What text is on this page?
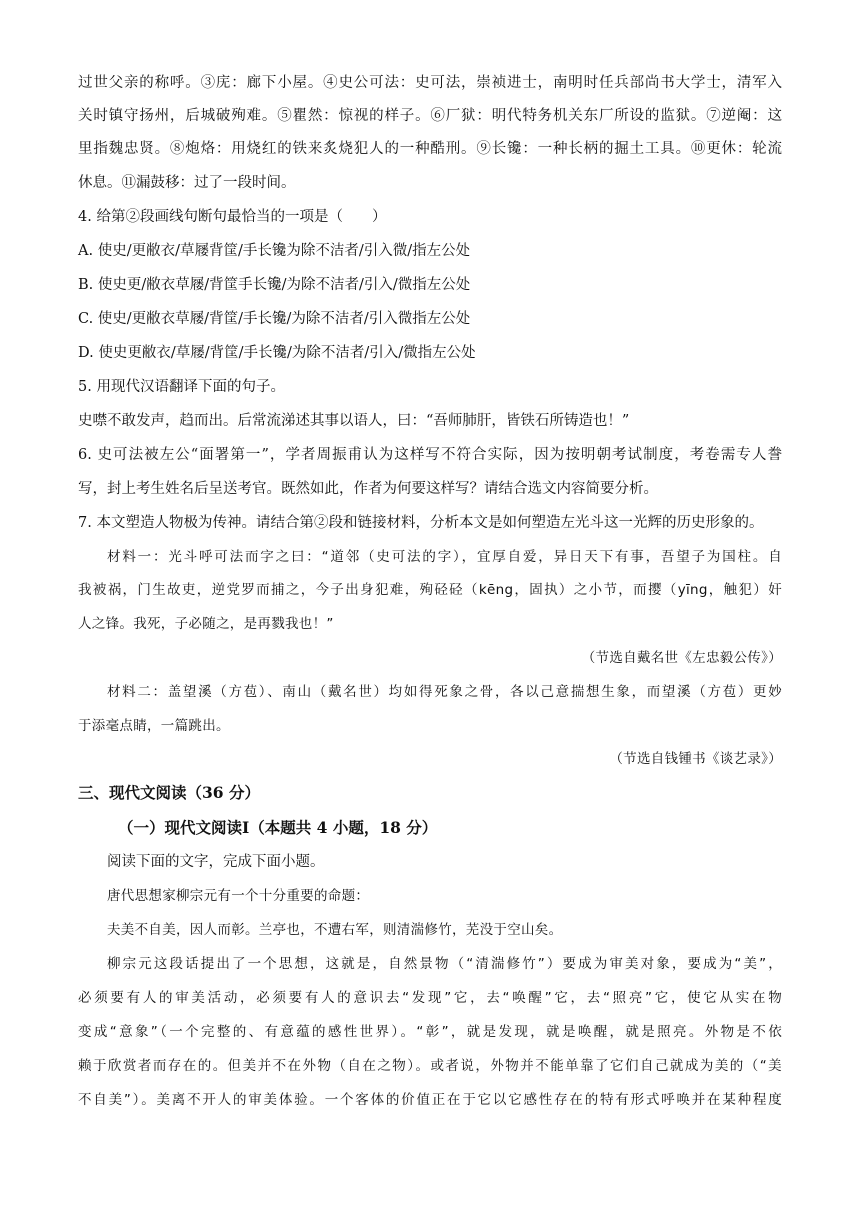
过世父亲的称呼。③庑：廊下小屋。④史公可法：史可法，崇祯进士，南明时任兵部尚书大学士，清军入
关时镇守扬州，后城破殉难。⑤瞿然：惊视的样子。⑥厂狱：明代特务机关东厂所设的监狱。⑦逆阉：这
里指魏忠贤。⑧炮烙：用烧红的铁来炙烧犯人的一种酷刑。⑨长镵：一种长柄的掘土工具。⑩更休：轮流
休息。⑪漏鼓移：过了一段时间。
4. 给第②段画线句断句最恰当的一项是（　　）
A. 使史/更敝衣/草屦背筐/手长镵为除不洁者/引入微/指左公处
B. 使史更/敝衣草屦/背筐手长镵/为除不洁者/引入/微指左公处
C. 使史/更敝衣草屦/背筐/手长镵/为除不洁者/引入微指左公处
D. 使史更敝衣/草屦/背筐/手长镵/为除不洁者/引入/微指左公处
5. 用现代汉语翻译下面的句子。
史噤不敢发声，趋而出。后常流涕述其事以语人，曰：“吾师肺肝，皆铁石所铸造也！”
6. 史可法被左公“面署第一”，学者周振甫认为这样写不符合实际，因为按明朝考试制度，考卷需专人誊
写，封上考生姓名后呈送考官。既然如此，作者为何要这样写？请结合选文内容简要分析。
7. 本文塑造人物极为传神。请结合第②段和链接材料，分析本文是如何塑造左光斗这一光辉的历史形象的。
材料一：光斗呼可法而字之曰：“道邻（史可法的字），宜厚自爱，异日天下有事，吾望子为国柱。自
我被祸，门生故吏，逆党罗而捕之，今子出身犯难，殉硁硁（kēng，固执）之小节，而撄（yīng，触犯）奸
人之锋。我死，子必随之，是再戮我也！”
（节选自戴名世《左忠毅公传》）
材料二：盖望溪（方苞）、南山（戴名世）均如得死象之骨，各以己意揣想生象，而望溪（方苞）更妙
于添毫点睛，一篇跳出。
（节选自钱锺书《谈艺录》）
三、现代文阅读（36 分）
（一）现代文阅读Ⅰ（本题共 4 小题，18 分）
阅读下面的文字，完成下面小题。
唐代思想家柳宗元有一个十分重要的命题：
夫美不自美，因人而彰。兰亭也，不遭右军，则清湍修竹，芜没于空山矣。
柳宗元这段话提出了一个思想，这就是，自然景物（“清湍修竹”）要成为审美对象，要成为“美”，
必须要有人的审美活动，必须要有人的意识去“发现”它，去“唤醒”它，去“照亮”它，使它从实在物
变成“意象”（一个完整的、有意蕴的感性世界）。“彰”，就是发现，就是唤醒，就是照亮。外物是不依
赖于欣赏者而存在的。但美并不在外物（自在之物）。或者说，外物并不能单靠了它们自己就成为美的（“美
不自美”）。美离不开人的审美体验。一个客体的价值正在于它以它感性存在的特有形式呼唤并在某种程度
